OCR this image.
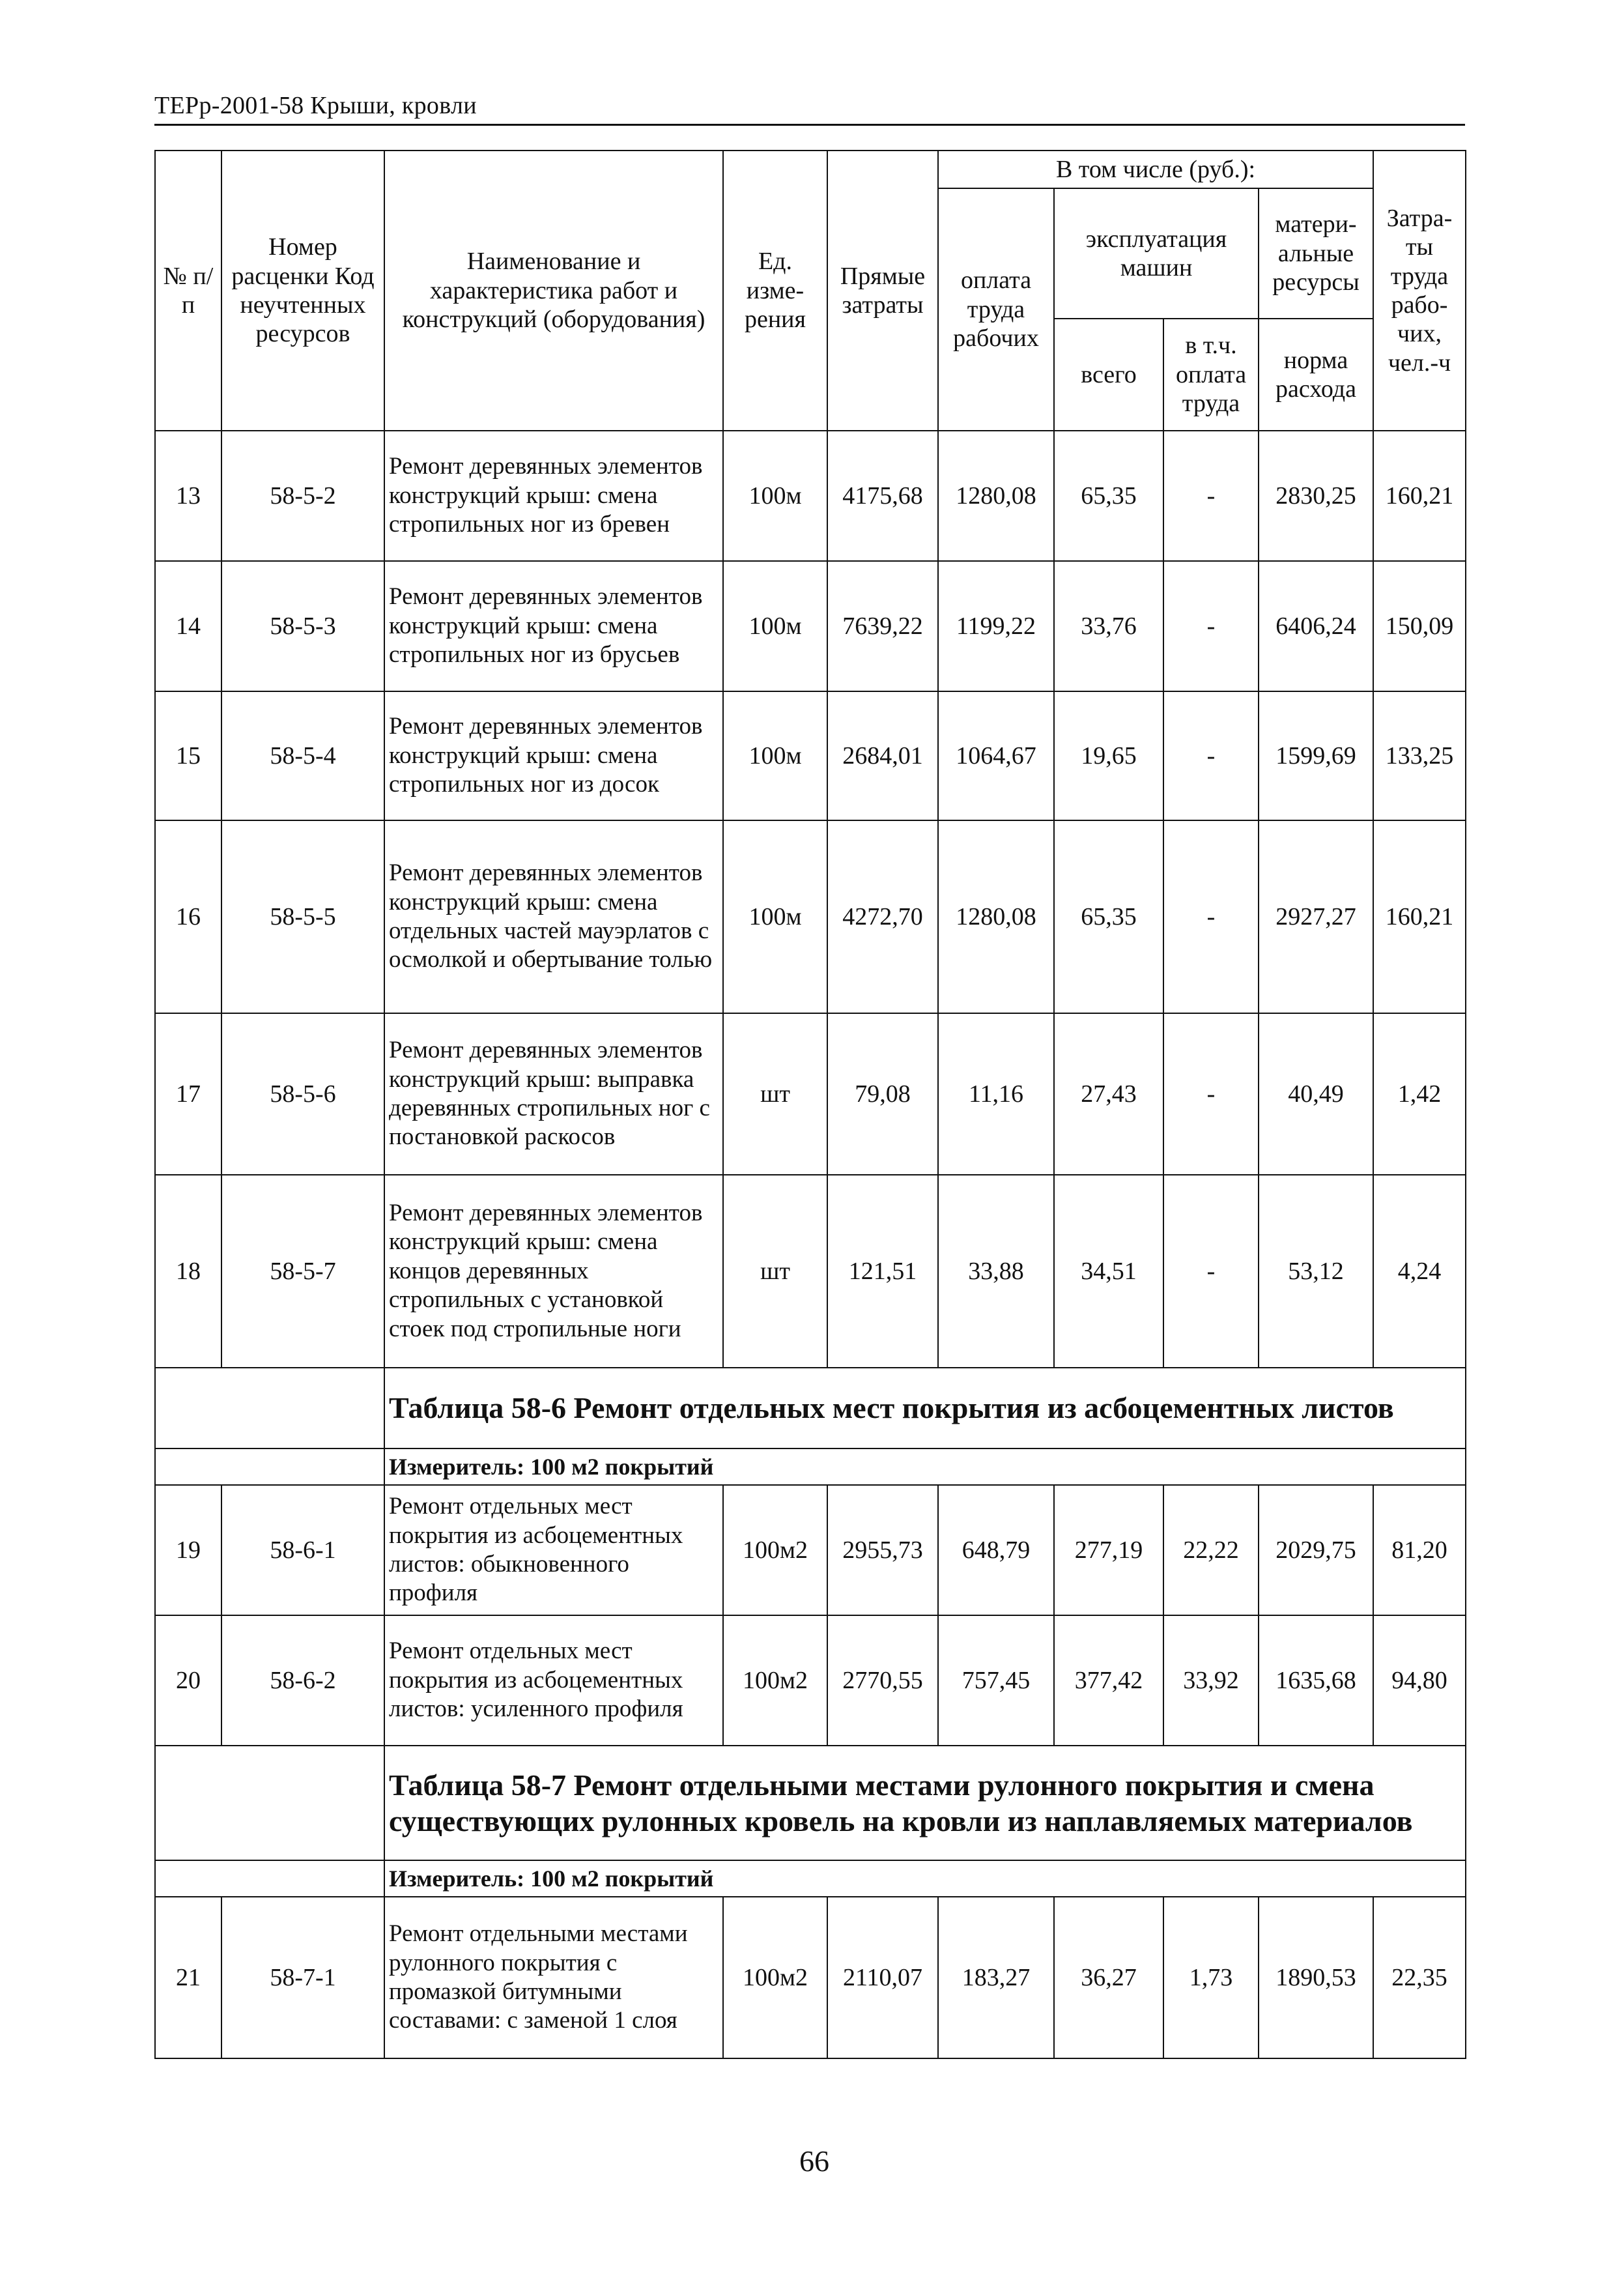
ТЕРр-2001-58 Крыши, кровли
№ п/п	Номер расценки Код неучтенных ресурсов	Наименование и характеристика работ и конструкций (оборудования)	Ед. изме-рения	Прямые затраты	В том числе (руб.):				Затра-ты труда рабо-чих, чел.-ч
					оплата труда рабочих	эксплуатация машин		матери-альные ресурсы	
						всего	в т.ч. оплата труда	норма расхода	
13	58-5-2	Ремонт деревянных элементов конструкций крыш: смена стропильных ног из бревен	100м	4175,68	1280,08	65,35	-	2830,25	160,21
14	58-5-3	Ремонт деревянных элементов конструкций крыш: смена стропильных ног из брусьев	100м	7639,22	1199,22	33,76	-	6406,24	150,09
15	58-5-4	Ремонт деревянных элементов конструкций крыш: смена стропильных ног из досок	100м	2684,01	1064,67	19,65	-	1599,69	133,25
16	58-5-5	Ремонт деревянных элементов конструкций крыш: смена отдельных частей мауэрлатов с осмолкой и обертывание толью	100м	4272,70	1280,08	65,35	-	2927,27	160,21
17	58-5-6	Ремонт деревянных элементов конструкций крыш: выправка деревянных стропильных ног с постановкой раскосов	шт	79,08	11,16	27,43	-	40,49	1,42
18	58-5-7	Ремонт деревянных элементов конструкций крыш: смена концов деревянных стропильных с установкой стоек под стропильные ноги	шт	121,51	33,88	34,51	-	53,12	4,24
		Таблица 58-6 Ремонт отдельных мест покрытия из асбоцементных листов							
		Измеритель: 100 м2 покрытий							
19	58-6-1	Ремонт отдельных мест покрытия из асбоцементных листов: обыкновенного профиля	100м2	2955,73	648,79	277,19	22,22	2029,75	81,20
20	58-6-2	Ремонт отдельных мест покрытия из асбоцементных листов: усиленного профиля	100м2	2770,55	757,45	377,42	33,92	1635,68	94,80
		Таблица 58-7 Ремонт отдельными местами рулонного покрытия и смена существующих рулонных кровель на кровли из наплавляемых материалов							
		Измеритель: 100 м2 покрытий							
21	58-7-1	Ремонт отдельными местами рулонного покрытия с промазкой битумными составами: с заменой 1 слоя	100м2	2110,07	183,27	36,27	1,73	1890,53	22,35
66
